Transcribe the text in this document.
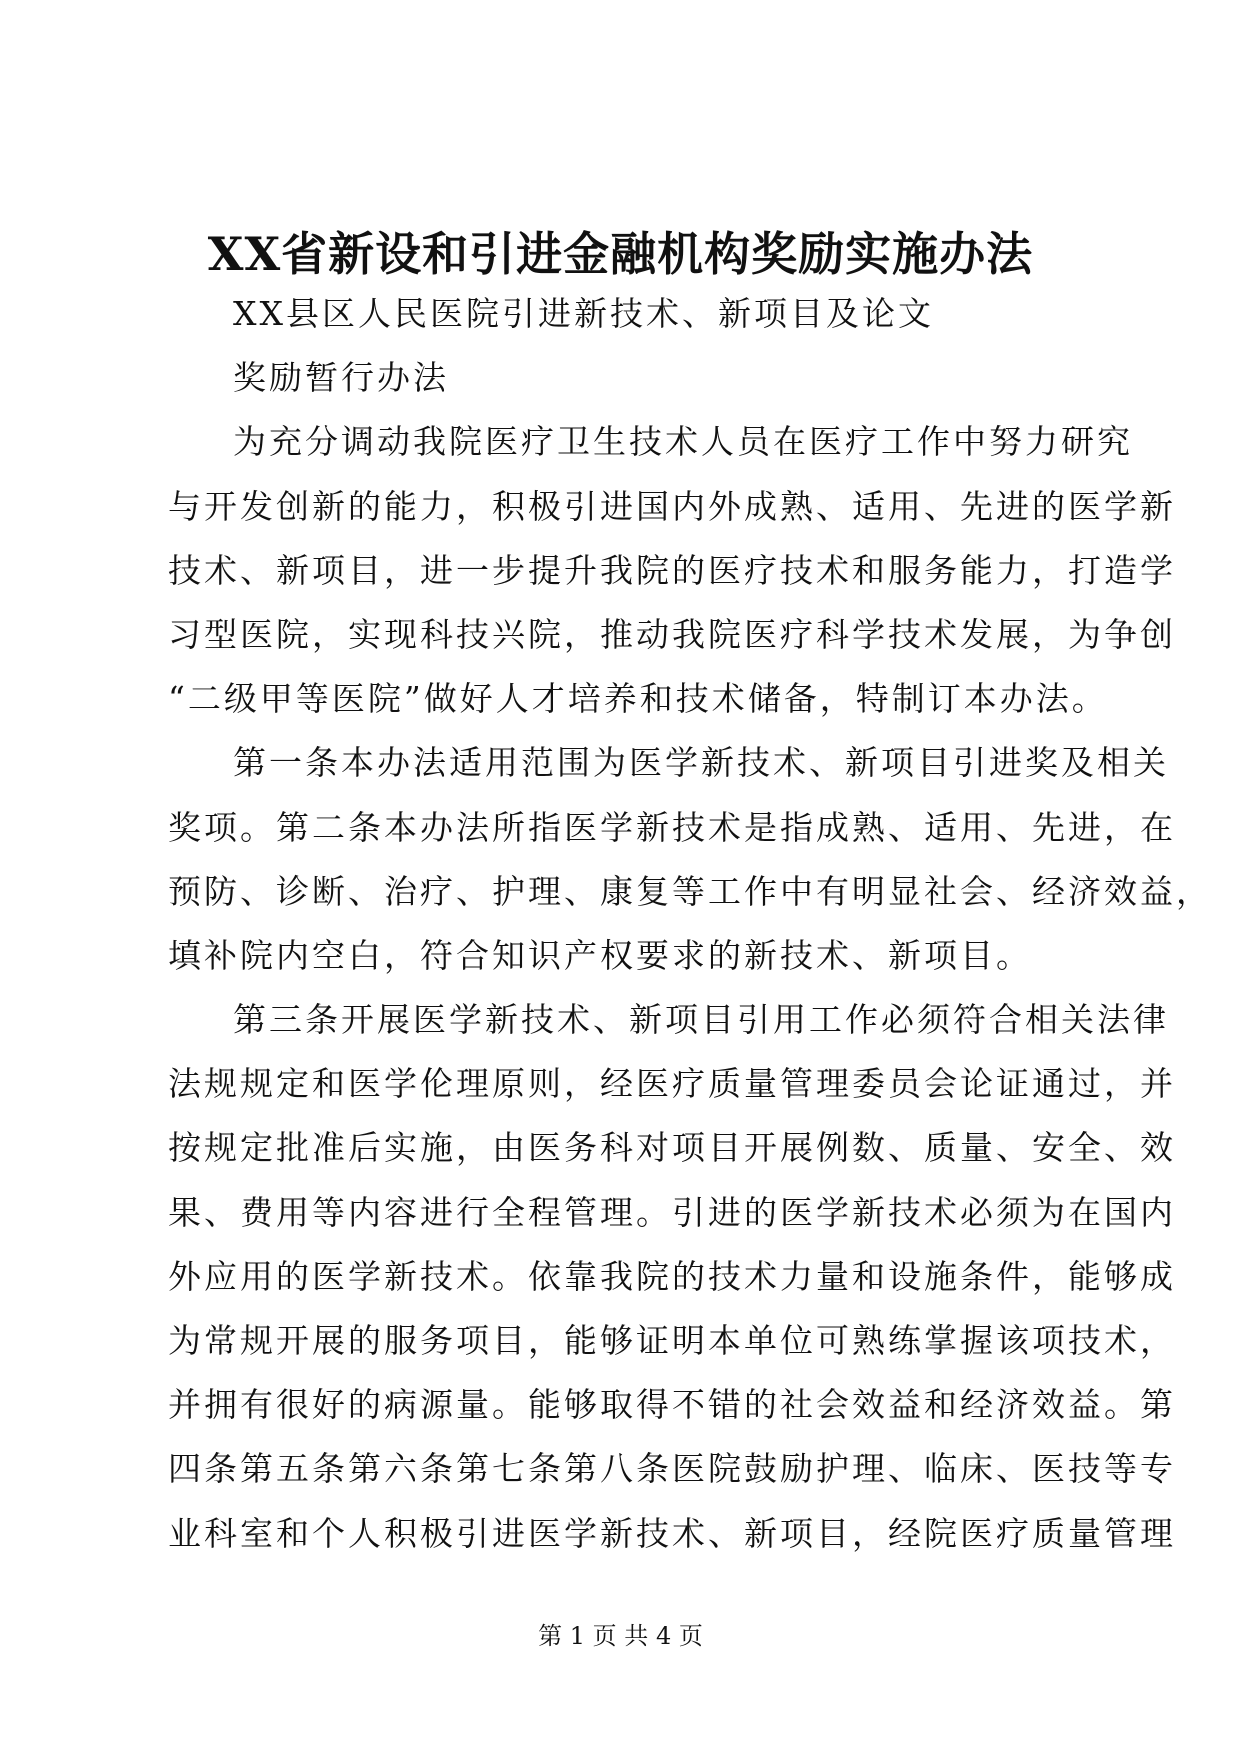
XX省新设和引进金融机构奖励实施办法
XX县区人民医院引进新技术、新项目及论文
奖励暂行办法
为充分调动我院医疗卫生技术人员在医疗工作中努力研究
与开发创新的能力，积极引进国内外成熟、适用、先进的医学新
技术、新项目，进一步提升我院的医疗技术和服务能力，打造学
习型医院，实现科技兴院，推动我院医疗科学技术发展，为争创
“二级甲等医院”做好人才培养和技术储备，特制订本办法。
第一条本办法适用范围为医学新技术、新项目引进奖及相关
奖项。第二条本办法所指医学新技术是指成熟、适用、先进，在
预防、诊断、治疗、护理、康复等工作中有明显社会、经济效益，
填补院内空白，符合知识产权要求的新技术、新项目。
第三条开展医学新技术、新项目引用工作必须符合相关法律
法规规定和医学伦理原则，经医疗质量管理委员会论证通过，并
按规定批准后实施，由医务科对项目开展例数、质量、安全、效
果、费用等内容进行全程管理。引进的医学新技术必须为在国内
外应用的医学新技术。依靠我院的技术力量和设施条件，能够成
为常规开展的服务项目，能够证明本单位可熟练掌握该项技术，
并拥有很好的病源量。能够取得不错的社会效益和经济效益。第
四条第五条第六条第七条第八条医院鼓励护理、临床、医技等专
业科室和个人积极引进医学新技术、新项目，经院医疗质量管理
第 1 页 共 4 页
